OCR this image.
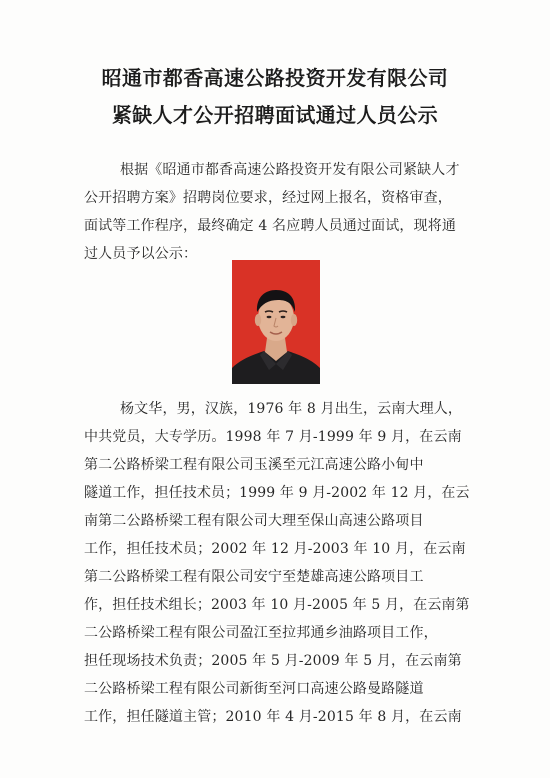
昭通市都香高速公路投资开发有限公司
紧缺人才公开招聘面试通过人员公示
根据《昭通市都香高速公路投资开发有限公司紧缺人才
公开招聘方案》招聘岗位要求，经过网上报名，资格审查，
面试等工作程序，最终确定 4 名应聘人员通过面试，现将通
过人员予以公示：
杨文华，男，汉族，1976 年 8 月出生，云南大理人，
中共党员，大专学历。1998 年 7 月-1999 年 9 月，在云南
第二公路桥梁工程有限公司玉溪至元江高速公路小甸中
隧道工作，担任技术员；1999 年 9 月-2002 年 12 月，在云
南第二公路桥梁工程有限公司大理至保山高速公路项目
工作，担任技术员；2002 年 12 月-2003 年 10 月，在云南
第二公路桥梁工程有限公司安宁至楚雄高速公路项目工
作，担任技术组长；2003 年 10 月-2005 年 5 月，在云南第
二公路桥梁工程有限公司盈江至拉邦通乡油路项目工作，
担任现场技术负责；2005 年 5 月-2009 年 5 月，在云南第
二公路桥梁工程有限公司新街至河口高速公路曼路隧道
工作，担任隧道主管；2010 年 4 月-2015 年 8 月，在云南
